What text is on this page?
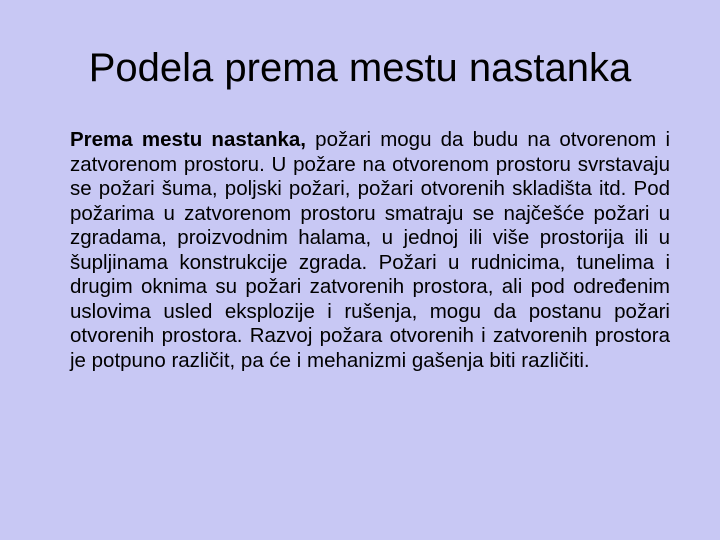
Podela prema mestu nastanka

Prema mestu nastanka, požari mogu da budu na otvorenom i zatvorenom prostoru. U požare na otvorenom prostoru svrstavaju se požari šuma, poljski požari, požari otvorenih skladišta itd. Pod požarima u zatvorenom prostoru smatraju se najčešće požari u zgradama, proizvodnim halama, u jednoj ili više prostorija ili u šupljinama konstrukcije zgrada. Požari u rudnicima, tunelima i drugim oknima su požari zatvorenih prostora, ali pod određenim uslovima usled eksplozije i rušenja, mogu da postanu požari otvorenih prostora. Razvoj požara otvorenih i zatvorenih prostora je potpuno različit, pa će i mehanizmi gašenja biti različiti.
